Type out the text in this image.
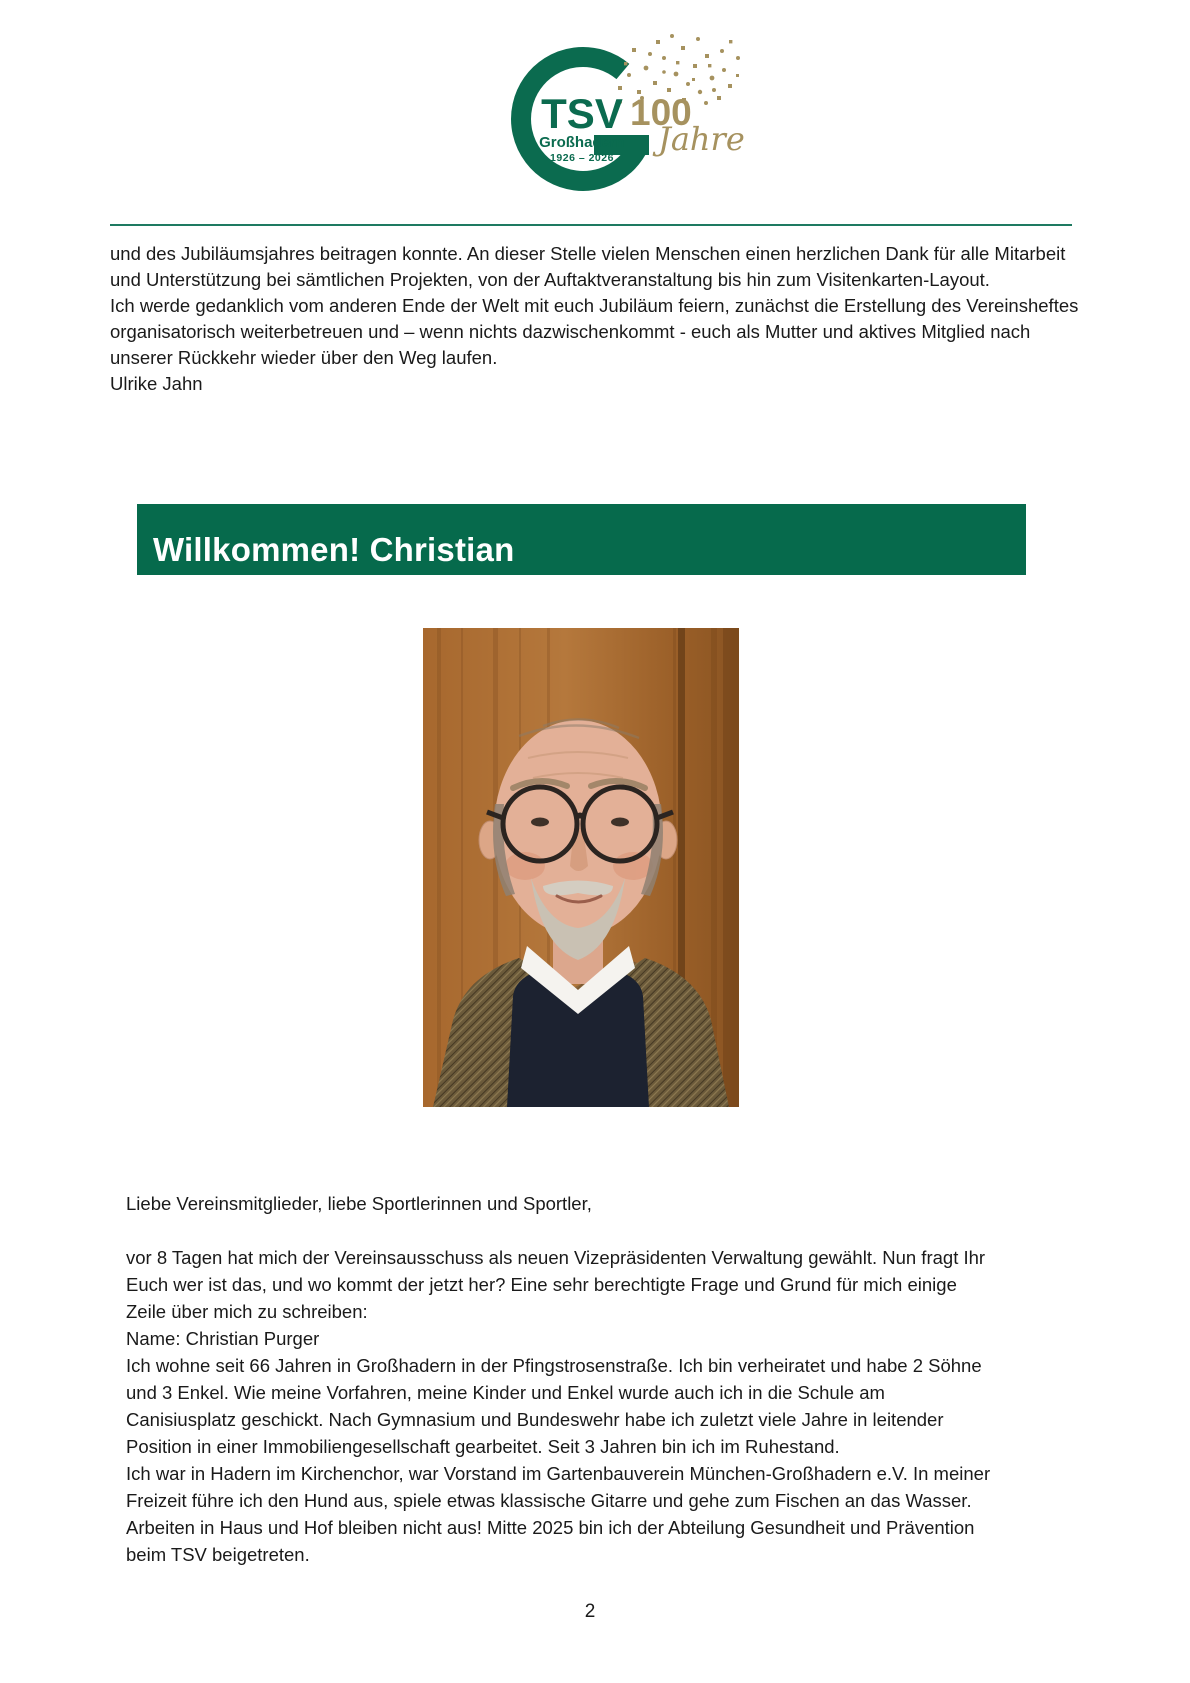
TSV
Großhadern
1926 – 2026
100
Jahre

und des Jubiläumsjahres beitragen konnte. An dieser Stelle vielen Menschen einen herzlichen Dank für alle Mitarbeit und Unterstützung bei sämtlichen Projekten, von der Auftaktveranstaltung bis hin zum Visitenkarten-Layout.

Ich werde gedanklich vom anderen Ende der Welt mit euch Jubiläum feiern, zunächst die Erstellung des Vereinsheftes organisatorisch weiterbetreuen und – wenn nichts dazwischenkommt - euch als Mutter und aktives Mitglied nach unserer Rückkehr wieder über den Weg laufen.

Ulrike Jahn

Willkommen! Christian

Liebe Vereinsmitglieder, liebe Sportlerinnen und Sportler,

vor 8 Tagen hat mich der Vereinsausschuss als neuen Vizepräsidenten Verwaltung gewählt. Nun fragt Ihr Euch wer ist das, und wo kommt der jetzt her? Eine sehr berechtigte Frage und Grund für mich einige Zeile über mich zu schreiben:

Name: Christian Purger

Ich wohne seit 66 Jahren in Großhadern in der Pfingstrosenstraße. Ich bin verheiratet und habe 2 Söhne und 3 Enkel. Wie meine Vorfahren, meine Kinder und Enkel wurde auch ich in die Schule am Canisiusplatz geschickt. Nach Gymnasium und Bundeswehr habe ich zuletzt viele Jahre in leitender Position in einer Immobiliengesellschaft gearbeitet. Seit 3 Jahren bin ich im Ruhestand.

Ich war in Hadern im Kirchenchor, war Vorstand im Gartenbauverein München-Großhadern e.V. In meiner Freizeit führe ich den Hund aus, spiele etwas klassische Gitarre und gehe zum Fischen an das Wasser. Arbeiten in Haus und Hof bleiben nicht aus! Mitte 2025 bin ich der Abteilung Gesundheit und Prävention beim TSV beigetreten.

2
